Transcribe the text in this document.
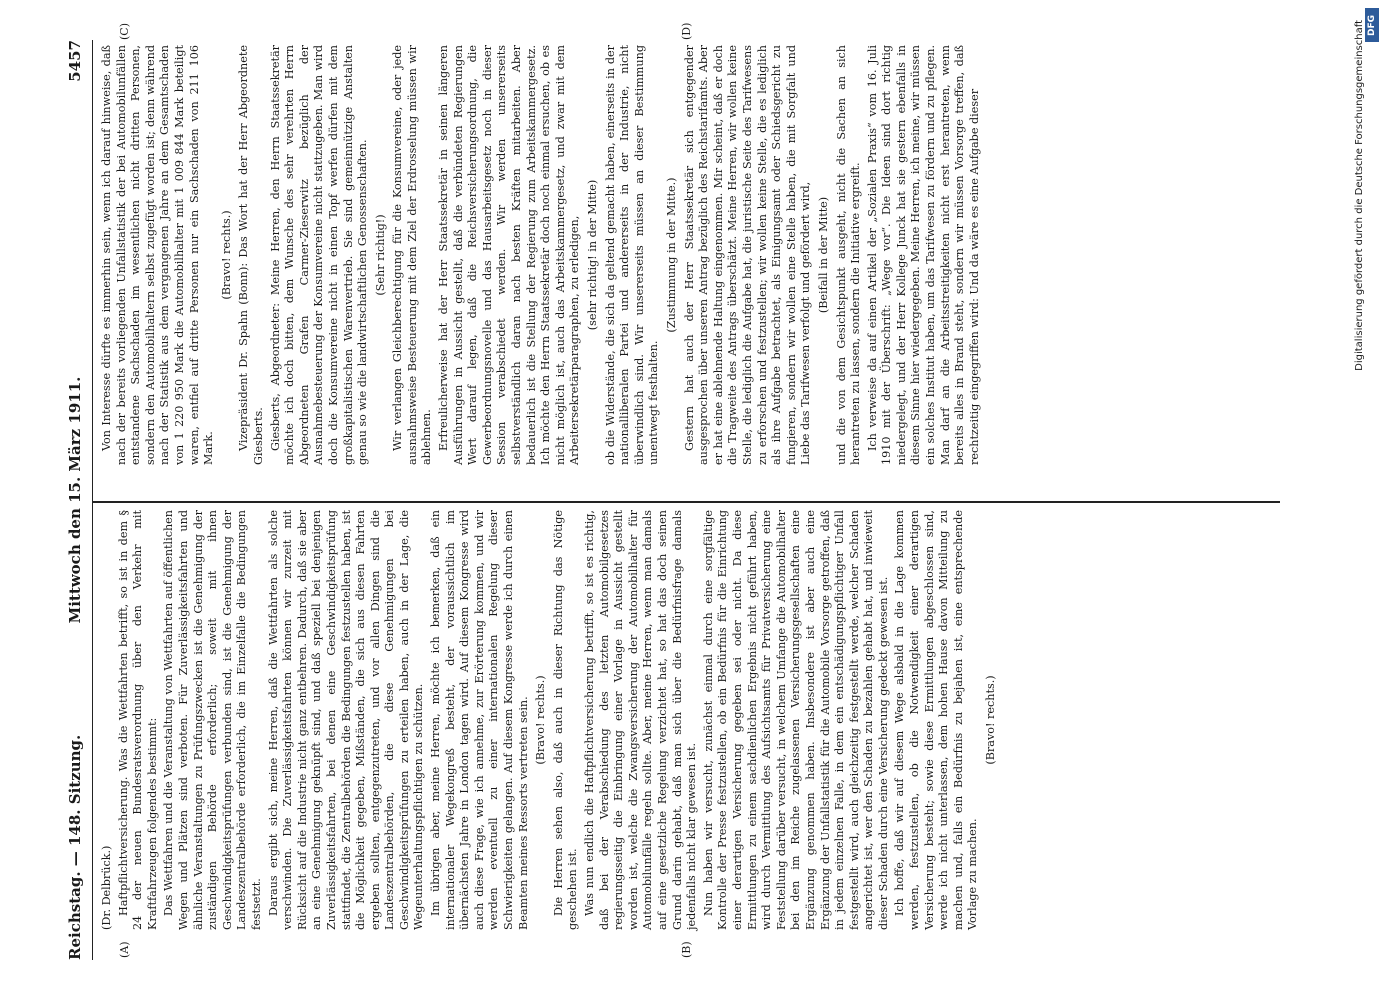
Reichstag. — 148. Sitzung.
Mittwoch den 15. März 1911.
5457
(A)	(B)
(C)	(D)

(Dr. Delbrück.) Haftpflichtversicherung. Was die Wettfahrten betrifft, so ist in dem § 24 der neuen Bundesratsverordnung über den Verkehr mit Kraftfahrzeugen folgendes bestimmt: Das Wettfahren und die Veranstaltung von Wettfahrten auf öffentlichen Wegen und Plätzen sind verboten. Für Zuverlässigkeitsfahrten und ähnliche Veranstaltungen zu Prüfungszwecken ist die Genehmigung der zuständigen Behörde erforderlich; soweit mit ihnen Geschwindigkeitsprüfungen verbunden sind, ist die Genehmigung der Landeszentralbehörde erforderlich, die im Einzelfalle die Bedingungen festsetzt. Daraus ergibt sich, meine Herren, daß die Wettfahrten als solche verschwinden. Die Zuverlässigkeitsfahrten können wir zurzeit mit Rücksicht auf die Industrie nicht ganz entbehren. Dadurch, daß sie aber an eine Genehmigung geknüpft sind, und daß speziell bei denjenigen Zuverlässigkeitsfahrten, bei denen eine Geschwindigkeitsprüfung stattfindet, die Zentralbehörden die Bedingungen festzustellen haben, ist die Möglichkeit gegeben, Mißständen, die sich aus diesen Fahrten ergeben sollten, entgegenzutreten, und vor allen Dingen sind die Landeszentralbehörden, die diese Genehmigungen bei Geschwindigkeitsprüfungen zu erteilen haben, auch in der Lage, die Wegeunterhaltungspflichtigen zu schützen. Im übrigen aber, meine Herren, möchte ich bemerken, daß ein internationaler Wegekongreß besteht, der voraussichtlich im übernächsten Jahre in London tagen wird. Auf diesem Kongresse wird auch diese Frage, wie ich annehme, zur Erörterung kommen, und wir werden eventuell zu einer internationalen Regelung dieser Schwierigkeiten gelangen. Auf diesem Kongresse werde ich durch einen Beamten meines Ressorts vertreten sein. (Bravo! rechts.) Die Herren sehen also, daß auch in dieser Richtung das Nötige geschehen ist. Was nun endlich die Haftpflichtversicherung betrifft, so ist es richtig, daß bei der Verabschiedung des letzten Automobilgesetzes regierungsseitig die Einbringung einer Vorlage in Aussicht gestellt worden ist, welche die Zwangsversicherung der Automobilhalter für Automobilunfälle regeln sollte. Aber, meine Herren, wenn man damals auf eine gesetzliche Regelung verzichtet hat, so hat das doch seinen Grund darin gehabt, daß man sich über die Bedürfnisfrage damals jedenfalls nicht klar gewesen ist. Nun haben wir versucht, zunächst einmal durch eine sorgfältige Kontrolle der Presse festzustellen, ob ein Bedürfnis für die Einrichtung einer derartigen Versicherung gegeben sei oder nicht. Da diese Ermittlungen zu einem sachdienlichen Ergebnis nicht geführt haben, wird durch Vermittlung des Aufsichtsamts für Privatversicherung eine Feststellung darüber versucht, in welchem Umfange die Automobilhalter bei den im Reiche zugelassenen Versicherungsgesellschaften eine Ergänzung genommen haben. Insbesondere ist aber auch eine Ergänzung der Unfallstatistik für die Automobile Vorsorge getroffen, daß in jedem einzelnen Falle, in dem ein entschädigungspflichtiger Unfall festgestellt wird, auch gleichzeitig festgestellt werde, welcher Schaden angerichtet ist, wer den Schaden zu bezahlen gehabt hat, und inwieweit dieser Schaden durch eine Versicherung gedeckt gewesen ist. Ich hoffe, daß wir auf diesem Wege alsbald in die Lage kommen werden, festzustellen, ob die Notwendigkeit einer derartigen Versicherung besteht; sowie diese Ermittlungen abgeschlossen sind, werde ich nicht unterlassen, dem hohen Hause davon Mitteilung zu machen und, falls ein Bedürfnis zu bejahen ist, eine entsprechende Vorlage zu machen.

(Bravo! rechts.)

Von Interesse dürfte es immerhin sein, wenn ich darauf hinweise, daß nach der bereits vorliegenden Unfallstatistik der bei Automobilunfällen entstandene Sachschaden im wesentlichen nicht dritten Personen, sondern den Automobilhaltern selbst zugefügt worden ist; denn während nach der Statistik aus dem vergangenen Jahre an dem Gesamtschaden von 1 220 950 Mark die Automobilhalter mit 1 009 844 Mark beteiligt waren, entfiel auf dritte Personen nur ein Sachschaden von 211 106 Mark.

(Bravo! rechts.) Vizepräsident Dr. Spahn (Bonn): Das Wort hat der Herr Abgeordnete Giesberts. Giesberts, Abgeordneter: Meine Herren, den Herrn Staatssekretär möchte ich doch bitten, dem Wunsche des sehr verehrten Herrn Abgeordneten Grafen Carmer-Zieserwitz bezüglich der Ausnahmebesteuerung der Konsumvereine nicht stattzugeben. Man wird doch die Konsumvereine nicht in einen Topf werfen dürfen mit dem großkapitalistischen Warenvertrieb. Sie sind gemeinnützige Anstalten genau so wie die landwirtschaftlichen Genossenschaften. (Sehr richtig!) Wir verlangen Gleichberechtigung für die Konsumvereine, oder jede ausnahmsweise Besteuerung mit dem Ziel der Erdrosselung müssen wir ablehnen. Erfreulicherweise hat der Herr Staatssekretär in seinen längeren Ausführungen in Aussicht gestellt, daß die verbündeten Regierungen Wert darauf legen, daß die Reichsversicherungsordnung, die Gewerbeordnungsnovelle und das Hausarbeitsgesetz noch in dieser Session verabschiedet werden. Wir werden unsererseits selbstverständlich daran nach besten Kräften mitarbeiten. Aber bedauerlich ist die Stellung der Regierung zum Arbeitskammergesetz. Ich möchte den Herrn Staatssekretär doch noch einmal ersuchen, ob es nicht möglich ist, auch das Arbeitskammergesetz, und zwar mit dem Arbeitersekretärparagraphen, zu erledigen, (sehr richtig! in der Mitte) ob die Widerstände, die sich da geltend gemacht haben, einerseits in der nationalliberalen Partei und andererseits in der Industrie, nicht überwindlich sind. Wir unsererseits müssen an dieser Bestimmung unentwegt festhalten.

(Zustimmung in der Mitte.) Gestern hat auch der Herr Staatssekretär sich entgegender ausgesprochen über unseren Antrag bezüglich des Reichstarifamts. Aber er hat eine ablehnende Haltung eingenommen. Mir scheint, daß er doch die Tragweite des Antrags überschätzt. Meine Herren, wir wollen keine Stelle, die lediglich die Aufgabe hat, die juristische Seite des Tarifwesens zu erforschen und festzustellen; wir wollen keine Stelle, die es lediglich als ihre Aufgabe betrachtet, als Einigungsamt oder Schiedsgericht zu fungieren, sondern wir wollen eine Stelle haben, die mit Sorgfalt und Liebe das Tarifwesen verfolgt und gefördert wird, (Beifall in der Mitte) und die von dem Gesichtspunkt ausgeht, nicht die Sachen an sich herantreten zu lassen, sondern die Initiative ergreift. Ich verweise da auf einen Artikel der „Sozialen Praxis“ vom 16. Juli 1910 mit der Überschrift: „Wege vor“. Die Ideen sind dort richtig niedergelegt, und der Herr Kollege Junck hat sie gestern ebenfalls in diesem Sinne hier wiedergegeben. Meine Herren, ich meine, wir müssen ein solches Institut haben, um das Tarifwesen zu fördern und zu pflegen. Man darf an die Arbeitsstreitigkeiten nicht erst herantreten, wenn bereits alles in Brand steht, sondern wir müssen Vorsorge treffen, daß rechtzeitig eingegriffen wird: Und da wäre es eine Aufgabe dieser	Digitalisierung gefördert durch die Deutsche Forschungsgemeinschaft DFG
